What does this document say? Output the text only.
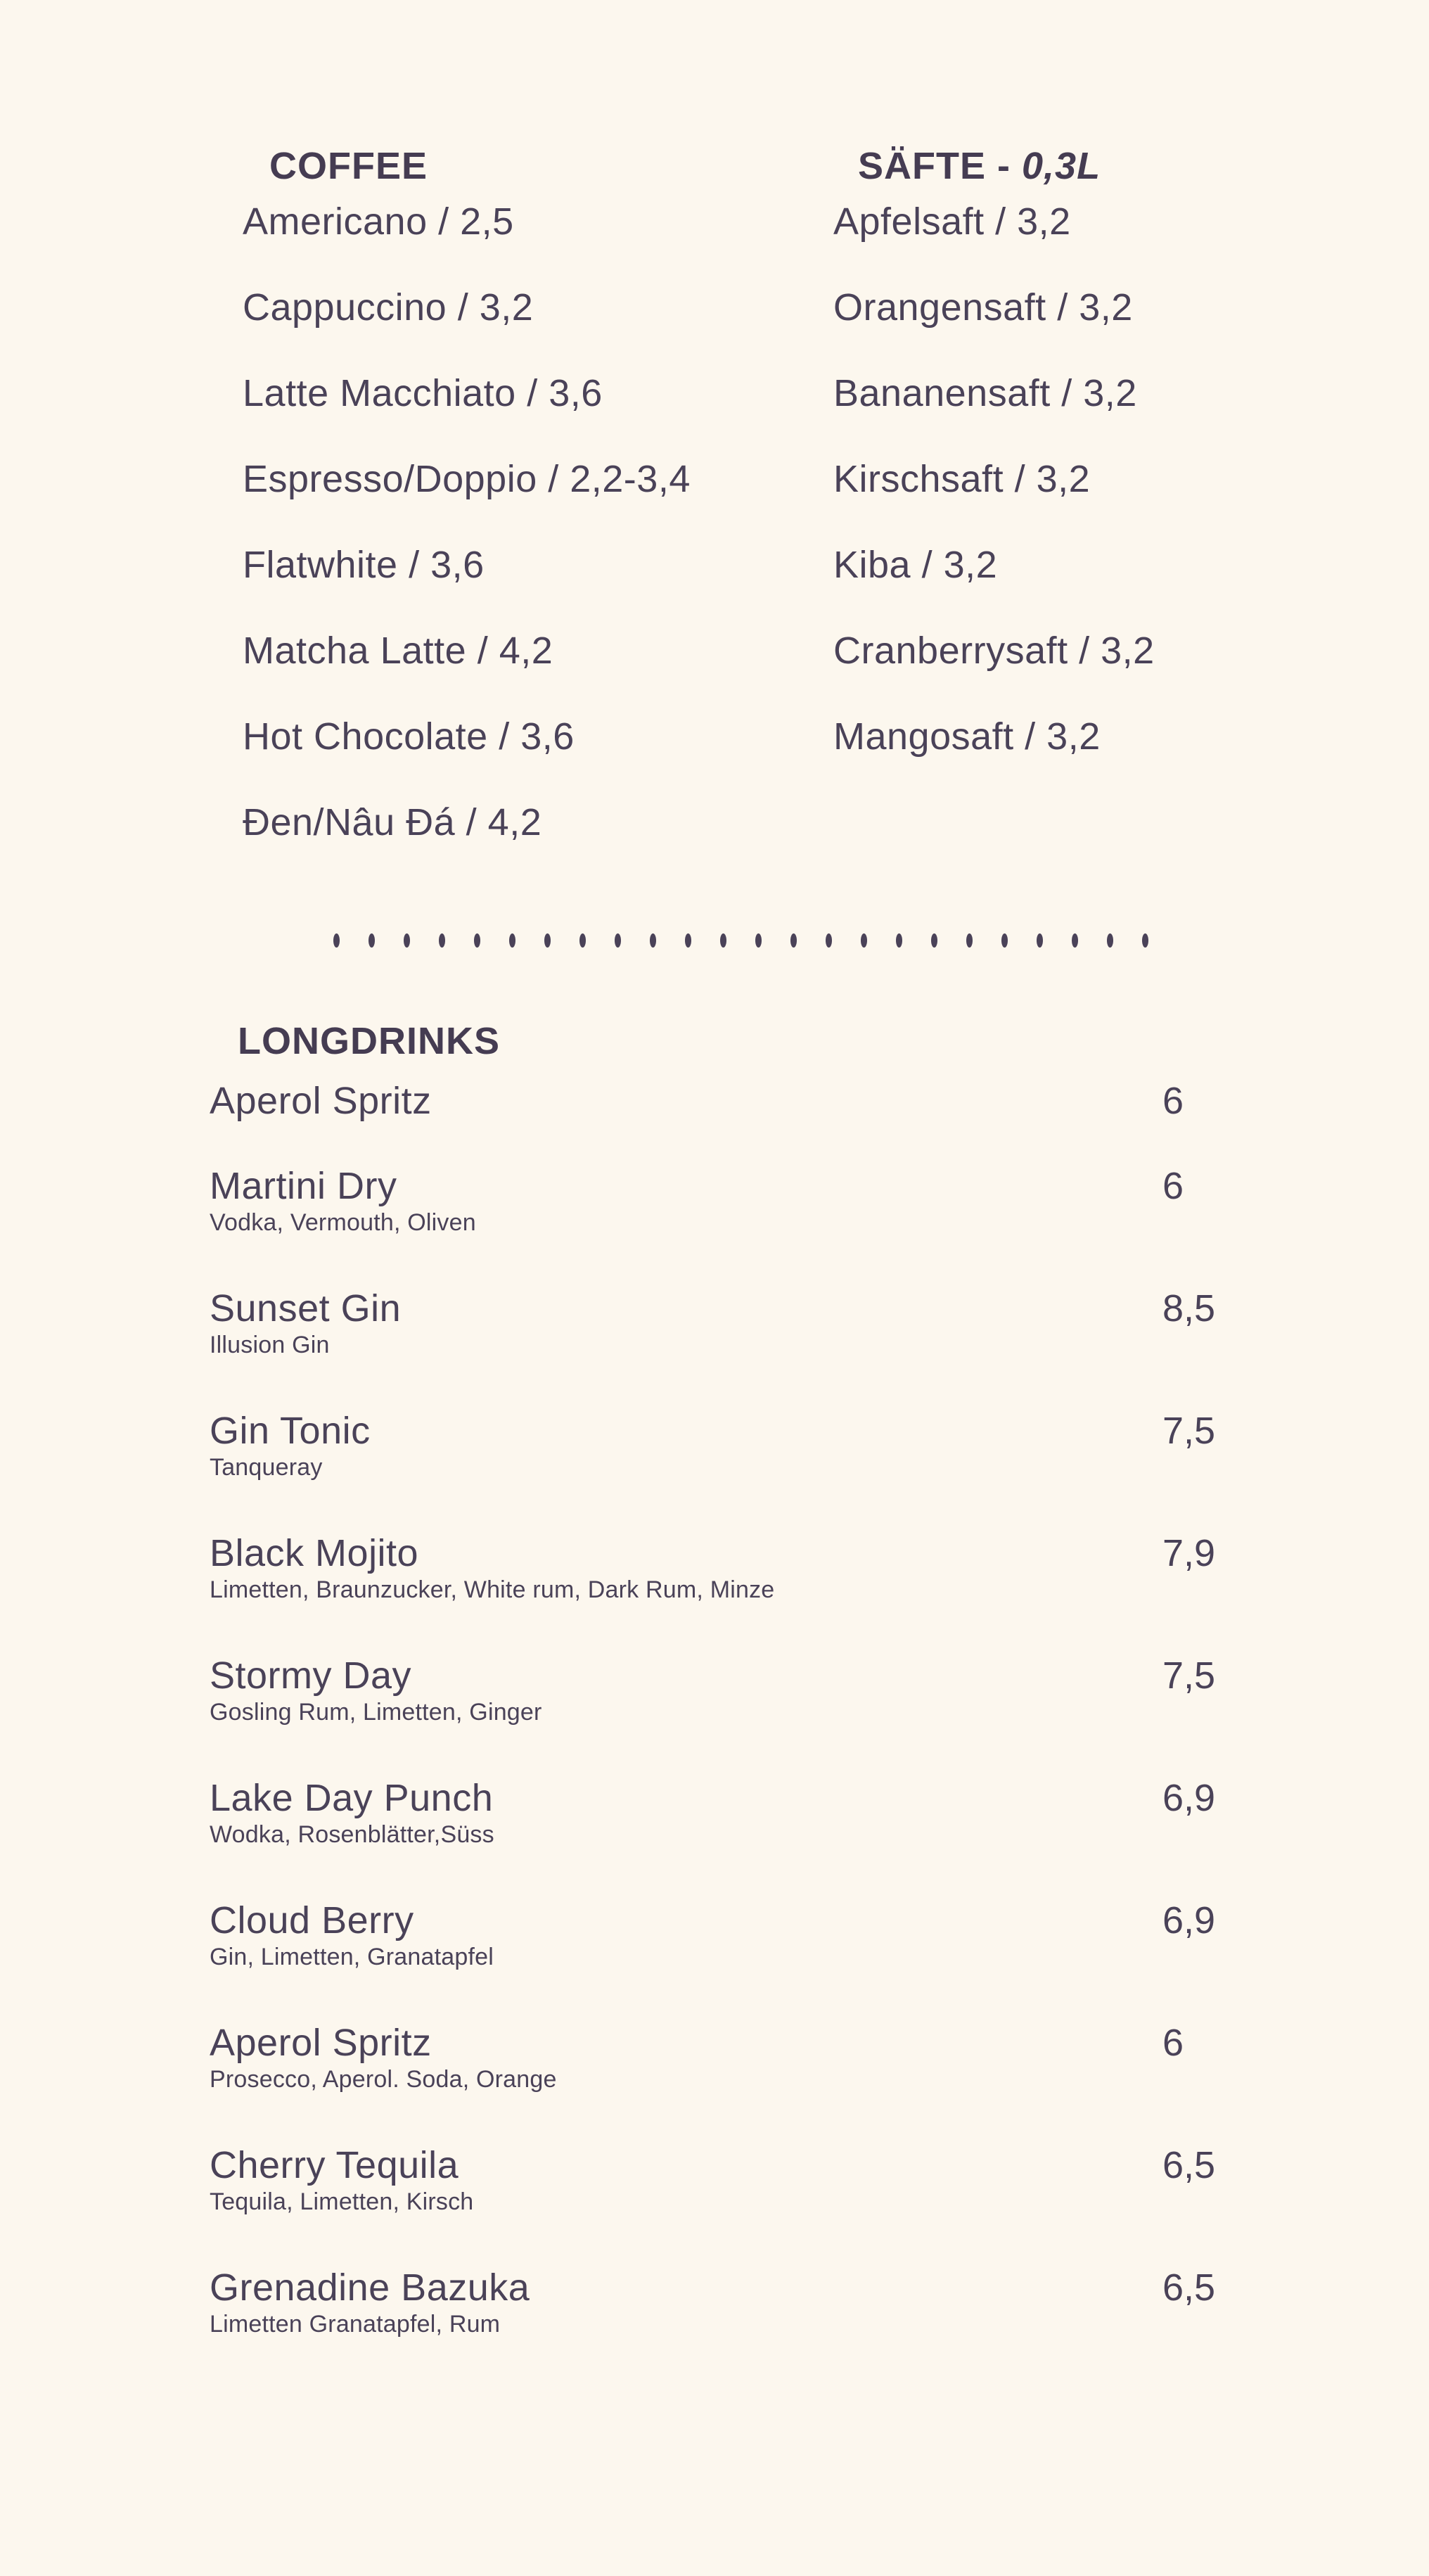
COFFEE
Americano / 2,5
Cappuccino / 3,2
Latte Macchiato / 3,6
Espresso/Doppio / 2,2-3,4
Flatwhite / 3,6
Matcha Latte / 4,2
Hot Chocolate / 3,6
Đen/Nâu Đá / 4,2
SÄFTE - 0,3L
Apfelsaft / 3,2
Orangensaft / 3,2
Bananensaft / 3,2
Kirschsaft / 3,2
Kiba / 3,2
Cranberrysaft / 3,2
Mangosaft / 3,2
LONGDRINKS
Aperol Spritz	6
Martini Dry	6
Vodka, Vermouth, Oliven
Sunset Gin	8,5
Illusion Gin
Gin Tonic	7,5
Tanqueray
Black Mojito	7,9
Limetten, Braunzucker, White rum, Dark Rum, Minze
Stormy Day	7,5
Gosling Rum, Limetten, Ginger
Lake Day Punch	6,9
Wodka, Rosenblätter,Süss
Cloud Berry	6,9
Gin, Limetten, Granatapfel
Aperol Spritz	6
Prosecco, Aperol. Soda, Orange
Cherry Tequila	6,5
Tequila, Limetten, Kirsch
Grenadine Bazuka	6,5
Limetten Granatapfel, Rum
